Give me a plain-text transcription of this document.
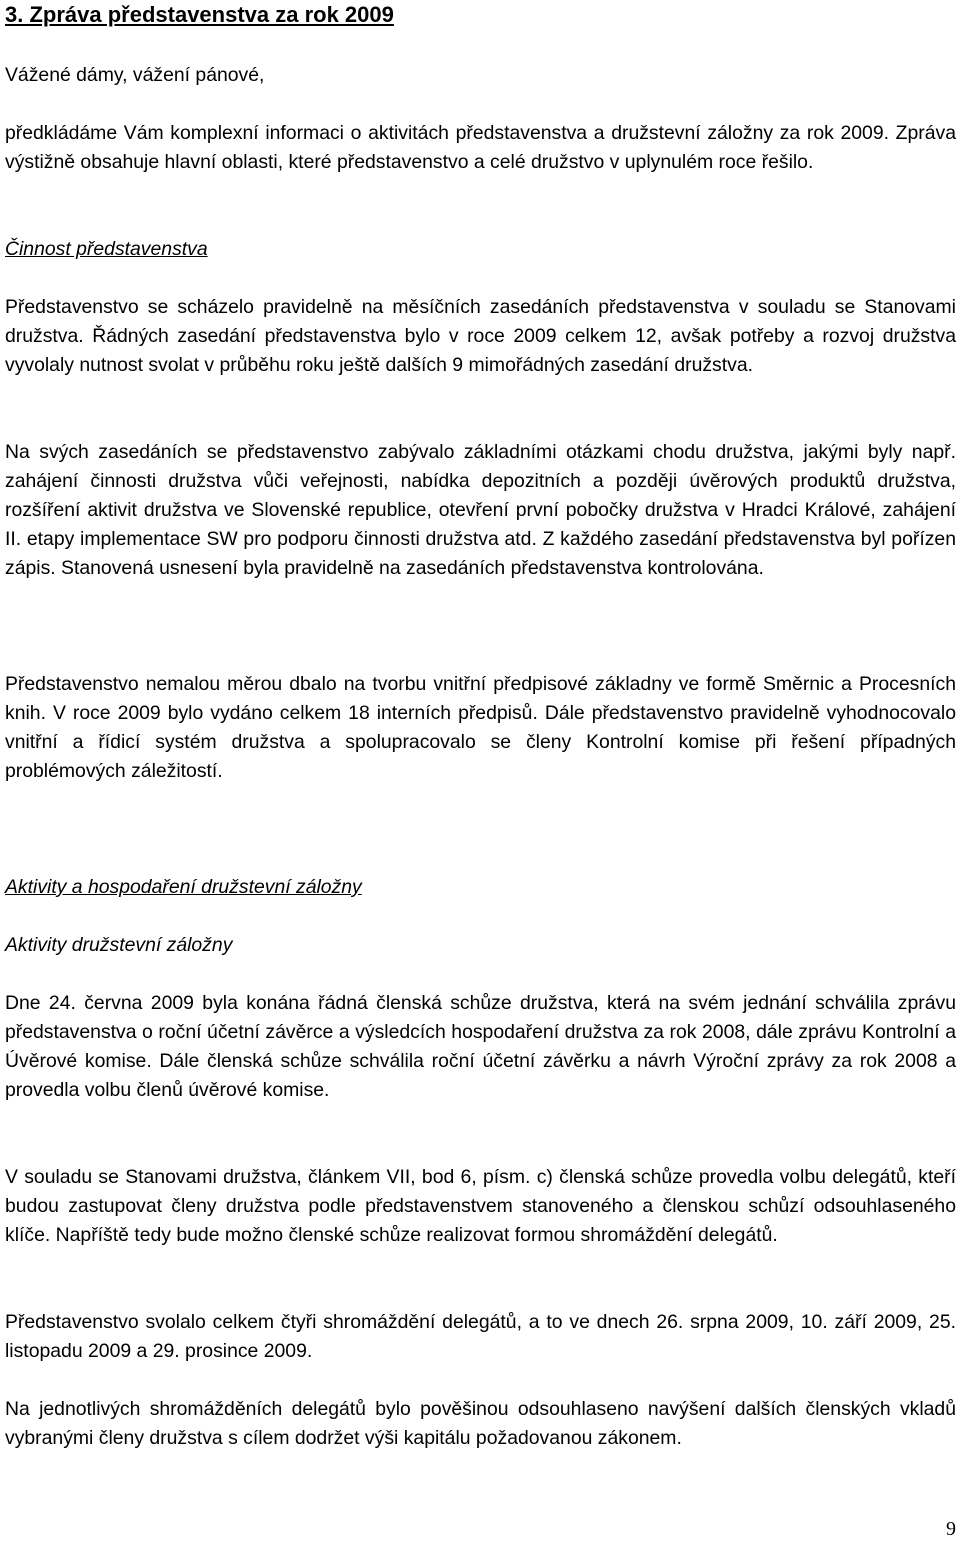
3. Zpráva představenstva za rok 2009

Vážené dámy, vážení pánové,

předkládáme Vám komplexní informaci o aktivitách představenstva a družstevní záložny za rok 2009. Zpráva výstižně obsahuje hlavní oblasti, které představenstvo a celé družstvo v uplynulém roce řešilo.

Činnost představenstva

Představenstvo se scházelo pravidelně na měsíčních zasedáních představenstva v souladu se Stanovami družstva. Řádných zasedání představenstva bylo v roce 2009 celkem 12, avšak potřeby a rozvoj družstva vyvolaly nutnost svolat v průběhu roku ještě dalších 9 mimořádných zasedání družstva.

Na svých zasedáních se představenstvo zabývalo základními otázkami chodu družstva, jakými byly např. zahájení činnosti družstva vůči veřejnosti, nabídka depozitních a později úvěrových produktů družstva, rozšíření aktivit družstva ve Slovenské republice, otevření první pobočky družstva v Hradci Králové, zahájení II. etapy implementace SW pro podporu činnosti družstva atd. Z každého zasedání představenstva byl pořízen zápis. Stanovená usnesení byla pravidelně na zasedáních představenstva kontrolována.

Představenstvo nemalou měrou dbalo na tvorbu vnitřní předpisové základny ve formě Směrnic a Procesních knih. V roce 2009 bylo vydáno celkem 18 interních předpisů. Dále představenstvo pravidelně vyhodnocovalo vnitřní a řídicí systém družstva a spolupracovalo se členy Kontrolní komise při řešení případných problémových záležitostí.

Aktivity a hospodaření družstevní záložny

Aktivity družstevní záložny

Dne 24. června 2009 byla konána řádná členská schůze družstva, která na svém jednání schválila zprávu představenstva o roční účetní závěrce a výsledcích hospodaření družstva za rok 2008, dále zprávu Kontrolní a Úvěrové komise. Dále členská schůze schválila roční účetní závěrku a návrh Výroční zprávy za rok 2008 a provedla volbu členů úvěrové komise.

V souladu se Stanovami družstva, článkem VII, bod 6, písm. c) členská schůze provedla volbu delegátů, kteří budou zastupovat členy družstva podle představenstvem stanoveného a členskou schůzí odsouhlaseného klíče. Napříště tedy bude možno členské schůze realizovat formou shromáždění delegátů.

Představenstvo svolalo celkem čtyři shromáždění delegátů, a to ve dnech 26. srpna 2009, 10. září 2009, 25. listopadu 2009 a 29. prosince 2009.

Na jednotlivých shromážděních delegátů bylo pověšinou odsouhlaseno navýšení dalších členských vkladů vybranými členy družstva s cílem dodržet výši kapitálu požadovanou zákonem.

9
